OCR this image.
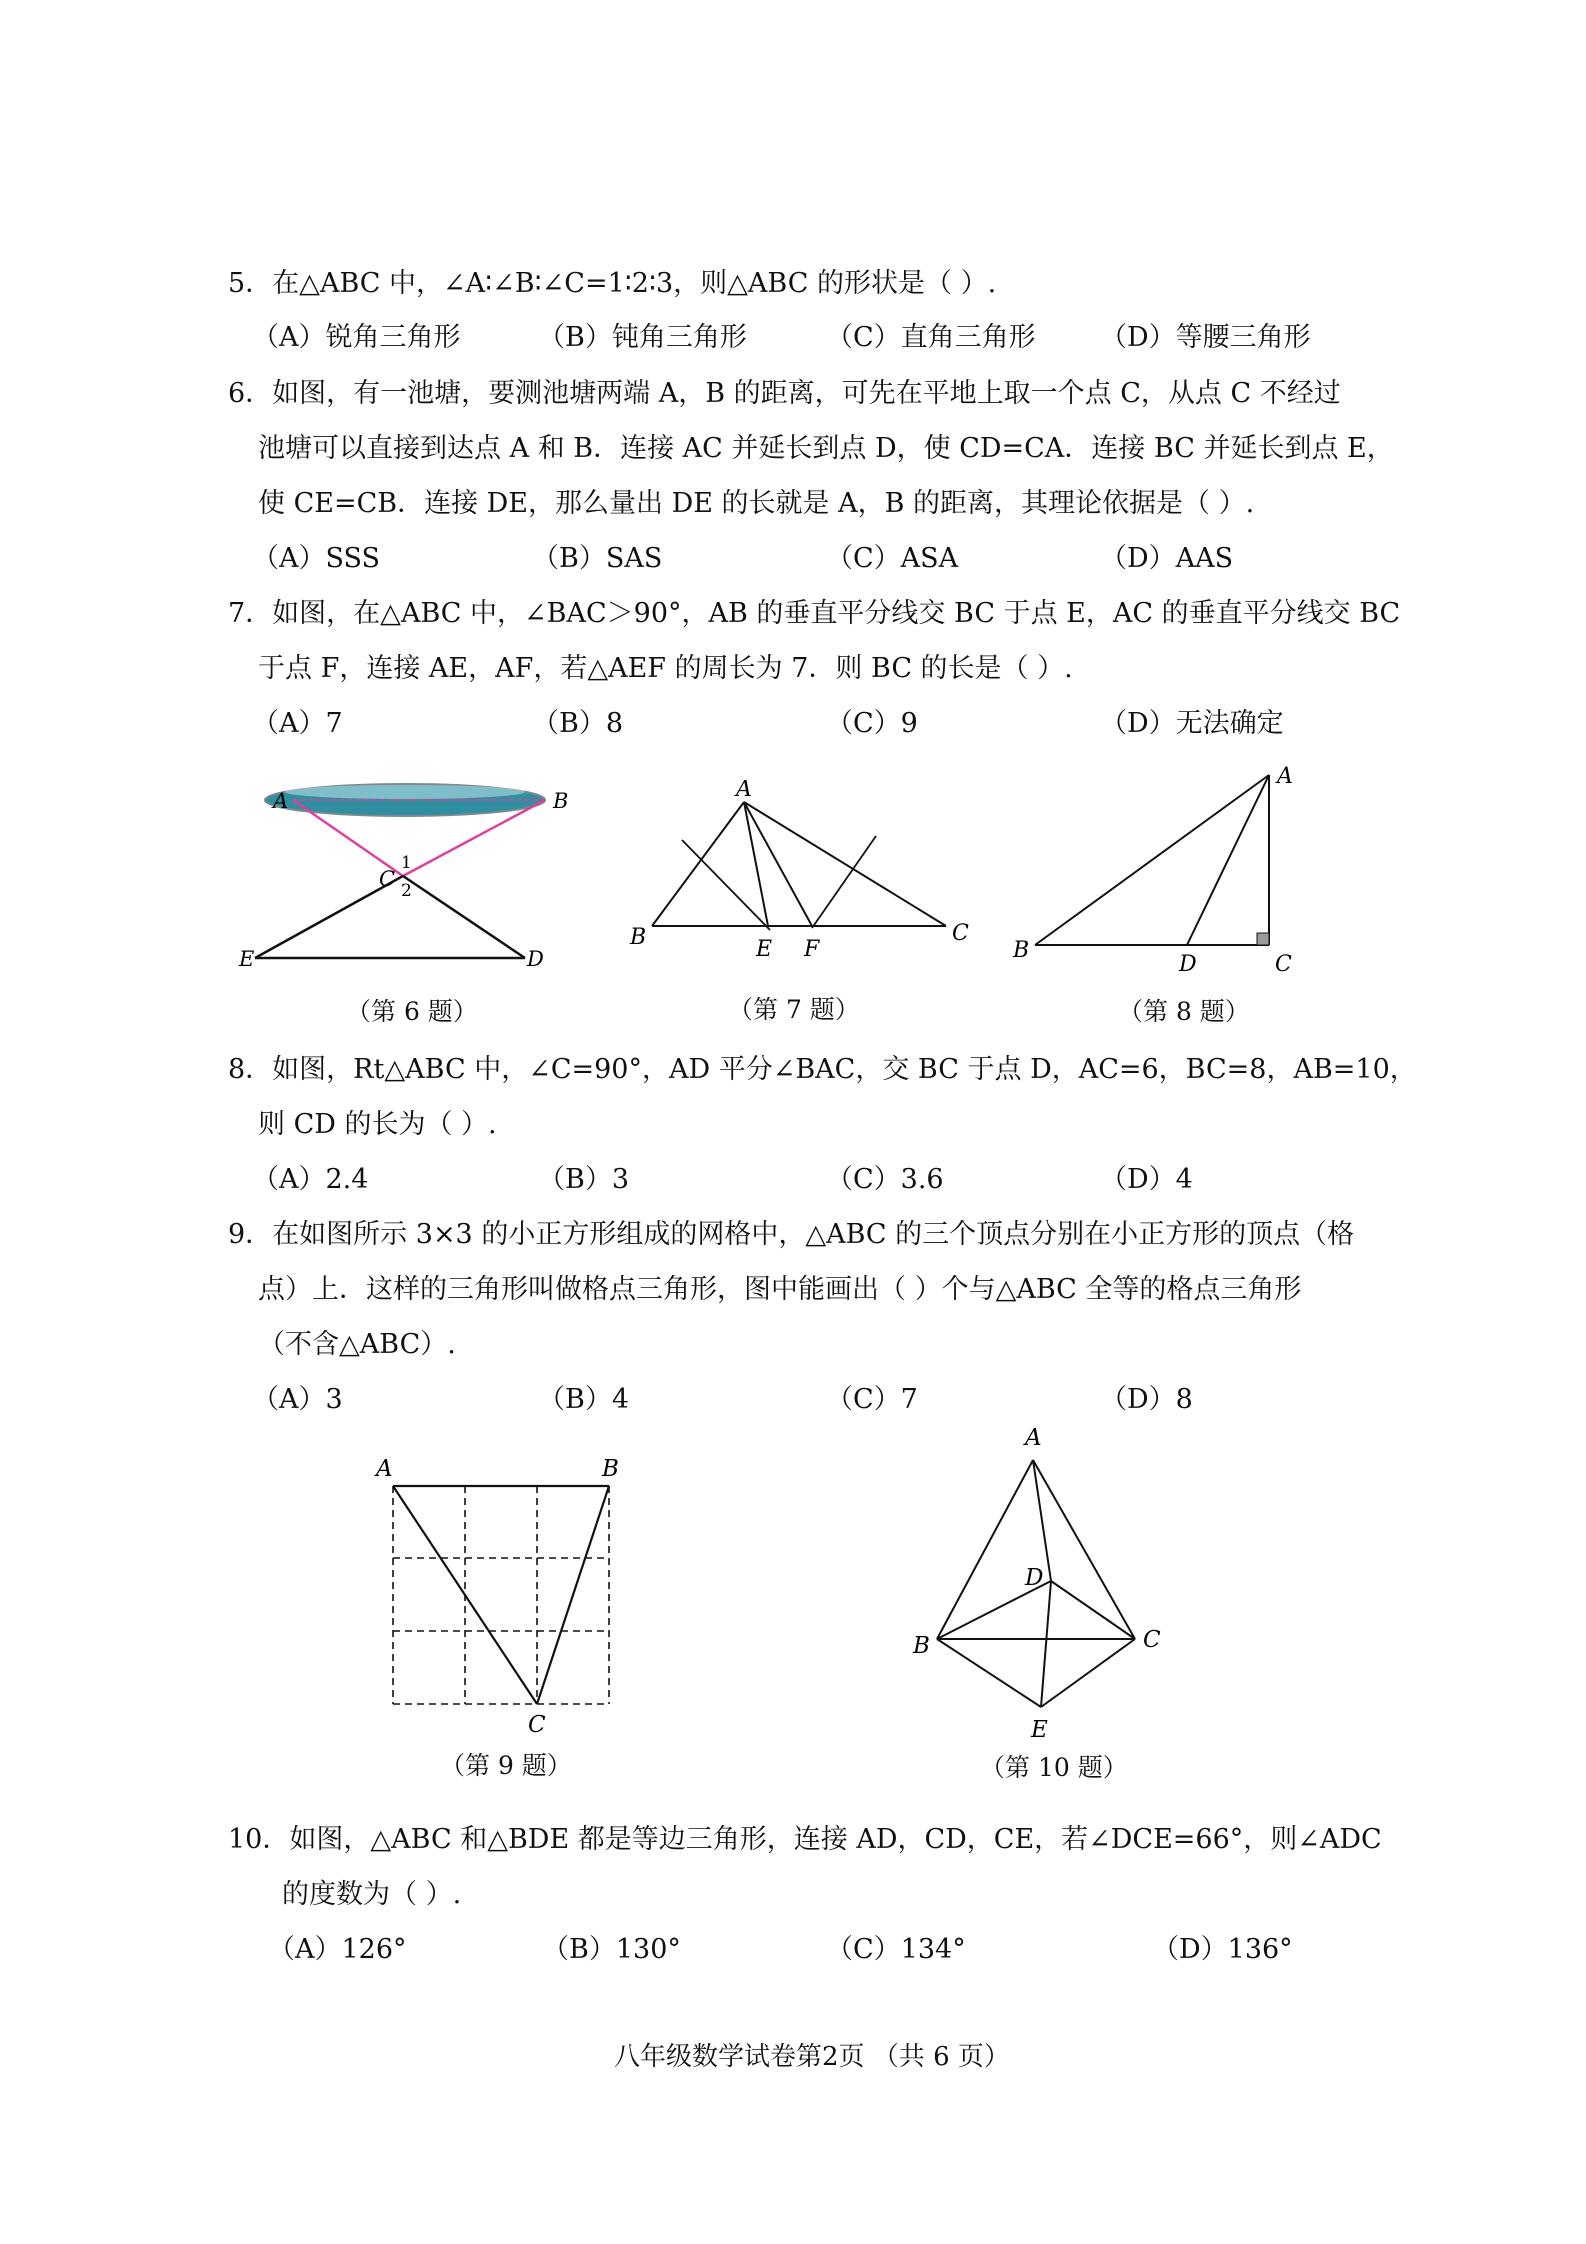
5．在△ABC 中，∠A∶∠B∶∠C=1∶2∶3，则△ABC 的形状是（ ）.
（A）锐角三角形	（B）钝角三角形	（C）直角三角形 （D）等腰三角形
6．如图，有一池塘，要测池塘两端 A，B 的距离，可先在平地上取一个点 C，从点 C 不经过
池塘可以直接到达点 A 和 B．连接 AC 并延长到点 D，使 CD=CA．连接 BC 并延长到点 E，
使 CE=CB．连接 DE，那么量出 DE 的长就是 A，B 的距离，其理论依据是（ ）.
（A）SSS	（B）SAS	（C）ASA	（D）AAS
7．如图，在△ABC 中，∠BAC＞90°，AB 的垂直平分线交 BC 于点 E，AC 的垂直平分线交 BC
于点 F，连接 AE，AF，若△AEF 的周长为 7．则 BC 的长是（ ）.
（A）7	（B）8	（C）9	（D）无法确定
A	B
C
1
2
E	D
（第 6 题）
A
B	E F
C
（第 7 题）
A
B
D	C
（第 8 题）
8．如图，Rt△ABC 中，∠C=90°，AD 平分∠BAC，交 BC 于点 D，AC=6，BC=8，AB=10，
则 CD 的长为（ ）.
（A）2.4	（B）3	（C）3.6	（D）4
9．在如图所示 3×3 的小正方形组成的网格中，△ABC 的三个顶点分别在小正方形的顶点（格
点）上．这样的三角形叫做格点三角形，图中能画出（ ）个与△ABC 全等的格点三角形
（不含△ABC）.
（A）3	（B）4	（C）7	（D）8
A	B
C
（第 9 题）
A
D
B	C
E
（第 10 题）
10．如图，△ABC 和△BDE 都是等边三角形，连接 AD，CD，CE，若∠DCE=66°，则∠ADC
的度数为（ ）.
（A）126°	（B）130°	（C）134°	（D）136°
八年级数学试卷第2页 （共 6 页）
